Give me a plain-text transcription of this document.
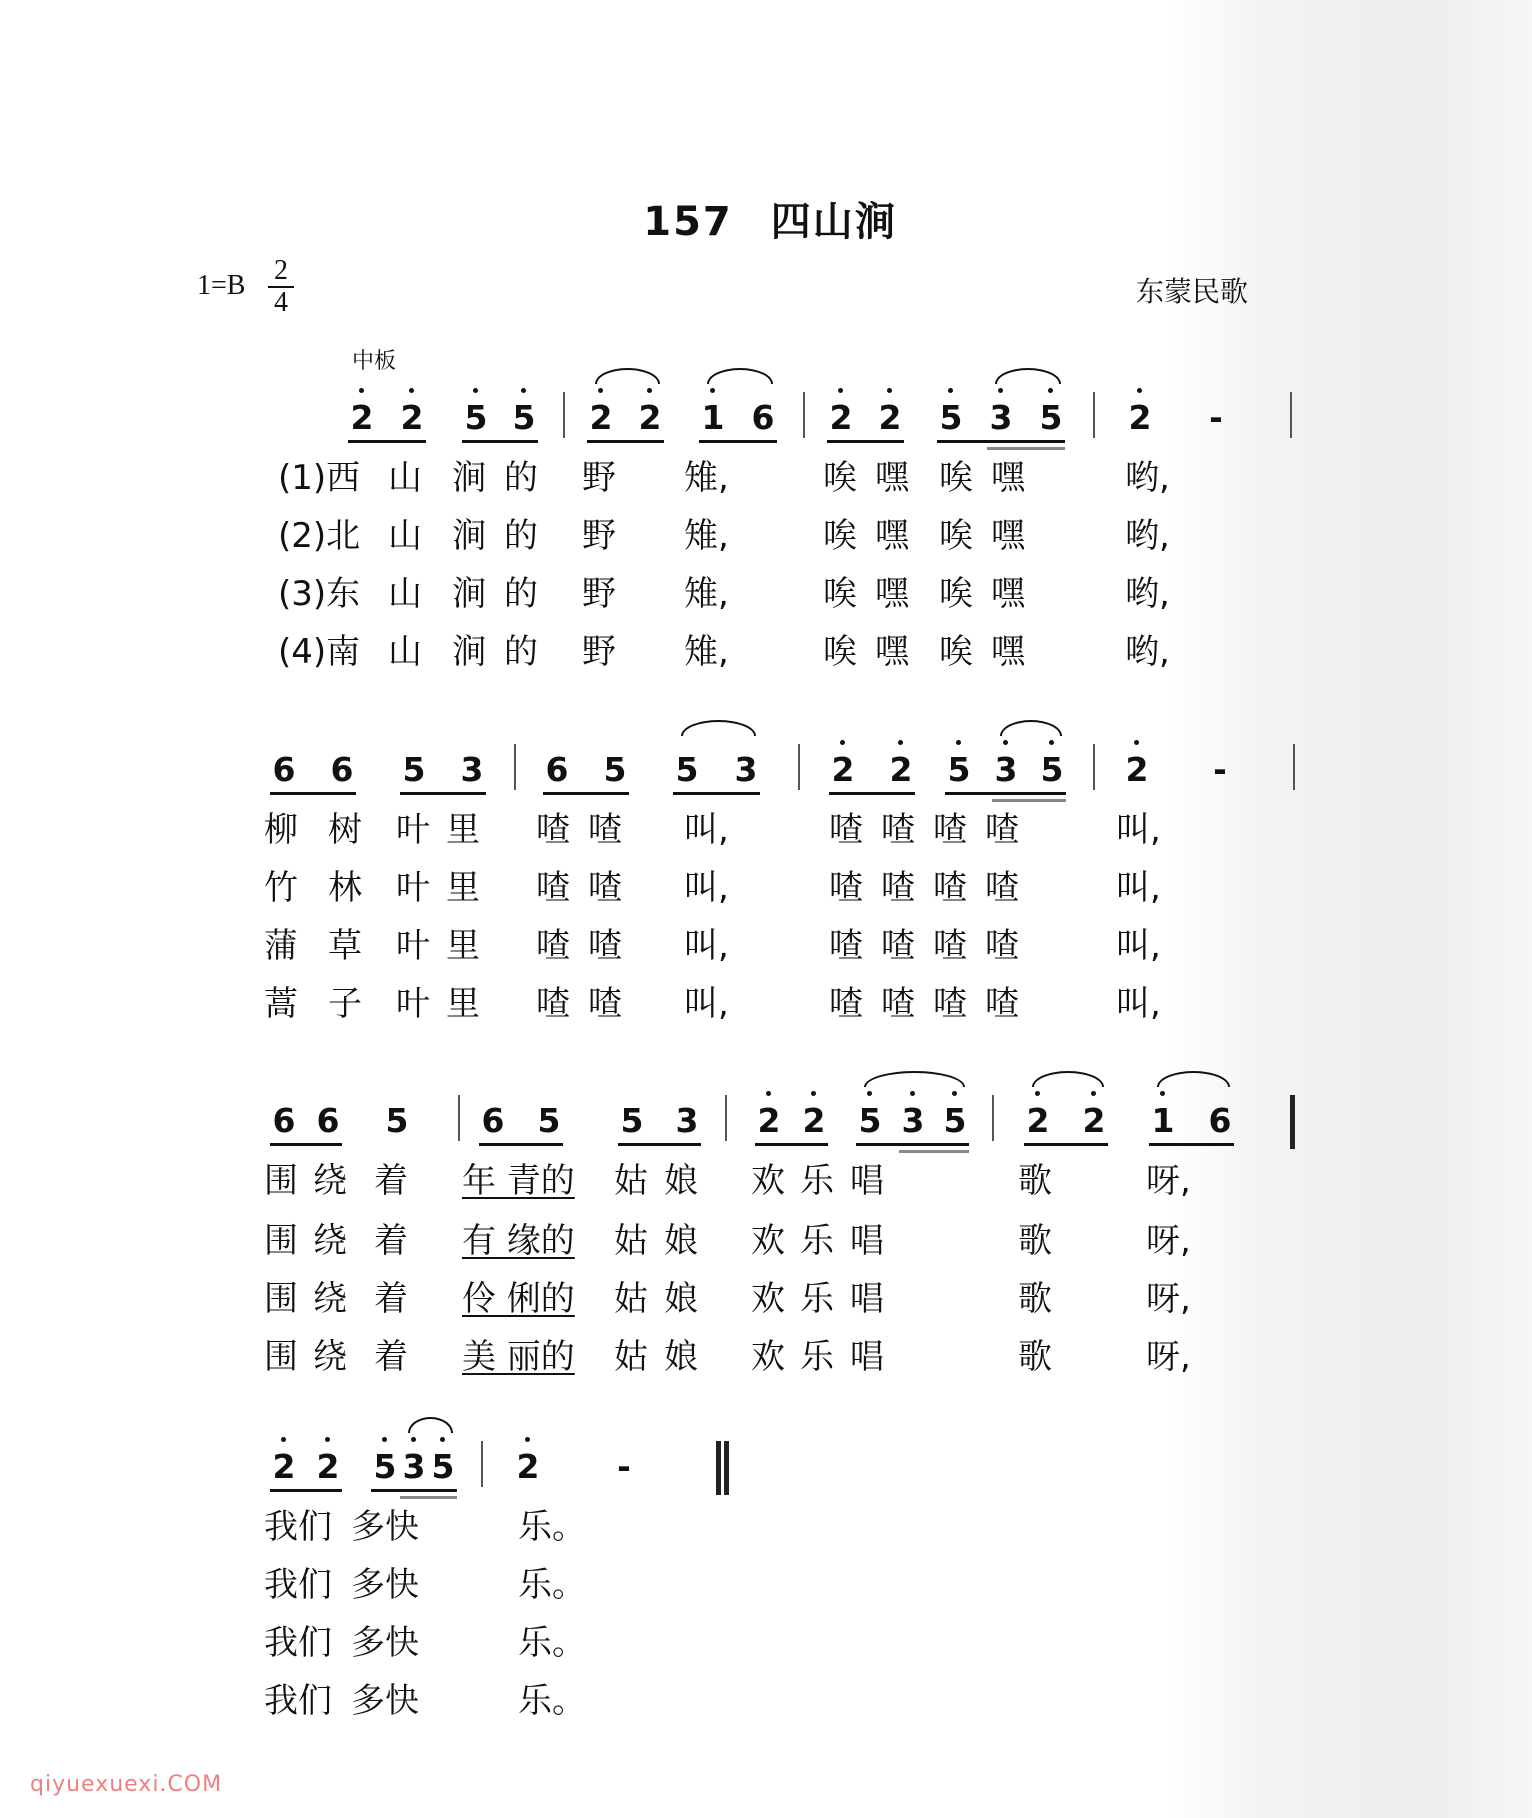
157 四山涧
1=B 2
4	东蒙民歌
中板
2 2 5 5 2 2 1 6 2 2 5 3 5 2 -
(1)西 山 涧 的 野 雉,	唉 嘿 唉 嘿	哟,
(2)北 山 涧 的 野 雉,	唉 嘿 唉 嘿	哟,
(3)东 山 涧 的 野 雉,	唉 嘿 唉 嘿	哟,
(4)南 山 涧 的 野 雉,	唉 嘿 唉 嘿	哟,
6 6 5 3 6 5 5 3 2 2 5 3 5 2 -
柳 树 叶 里 喳 喳 叫,	喳 喳 喳 喳	叫,
竹 林 叶 里 喳 喳 叫,	喳 喳 喳 喳	叫,
蒲 草 叶 里 喳 喳 叫,	喳 喳 喳 喳	叫,
蒿 子 叶 里 喳 喳 叫,	喳 喳 喳 喳	叫,
6 6 5 6 5 5 3 2 2 5 3 5 2 2 1 6
围 绕 着 年 青的 姑 娘 欢 乐 唱	歌	呀,
围 绕 着 有 缘的 姑 娘 欢 乐 唱	歌	呀,
围 绕 着 伶 俐的 姑 娘 欢 乐 唱	歌	呀,
围 绕 着 美 丽的 姑 娘 欢 乐 唱	歌	呀,
2 2 5 3 5 2 -
我们 多快	乐。
我们 多快	乐。
我们 多快	乐。
我们 多快	乐。
qiyuexuexi.COM
